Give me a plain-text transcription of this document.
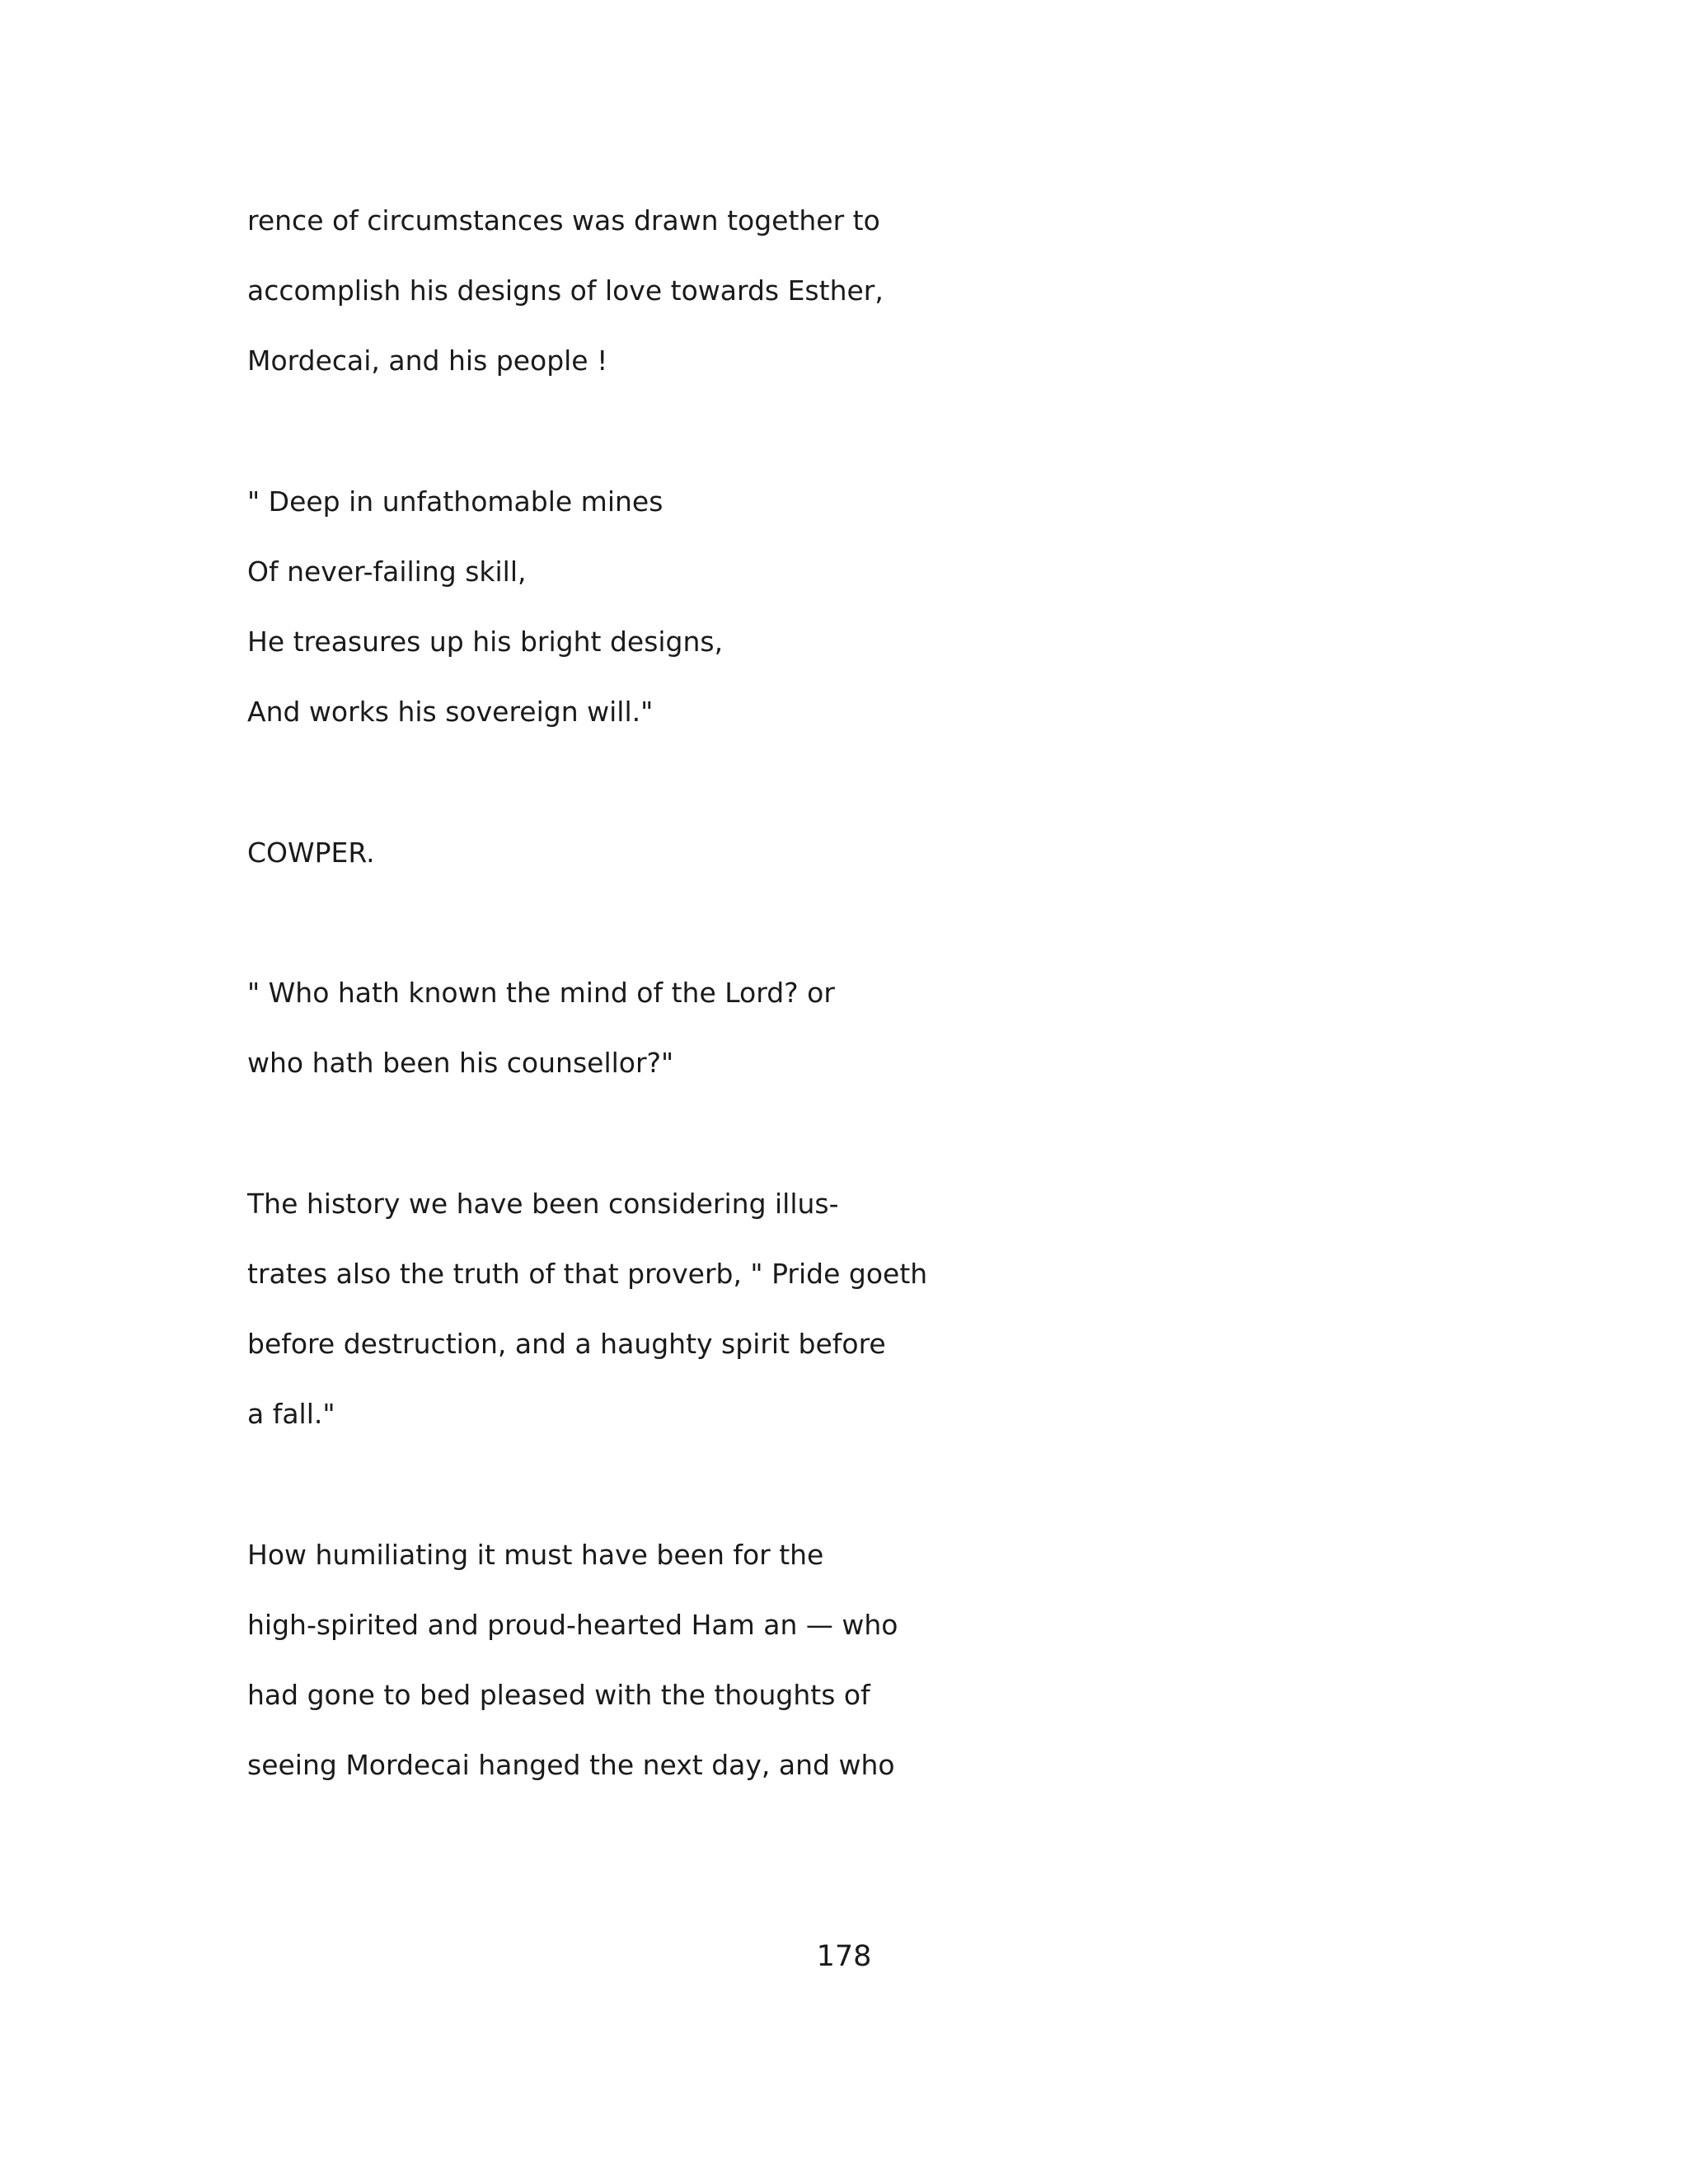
rence of circumstances was drawn together to
accomplish his designs of love towards Esther,
Mordecai, and his people !
" Deep in unfathomable mines
Of never-failing skill,
He treasures up his bright designs,
And works his sovereign will."
COWPER.
" Who hath known the mind of the Lord? or
who hath been his counsellor?"
The history we have been considering illus-
trates also the truth of that proverb, " Pride goeth
before destruction, and a haughty spirit before
a fall."
How humiliating it must have been for the
high-spirited and proud-hearted Ham an — who
had gone to bed pleased with the thoughts of
seeing Mordecai hanged the next day, and who
178
